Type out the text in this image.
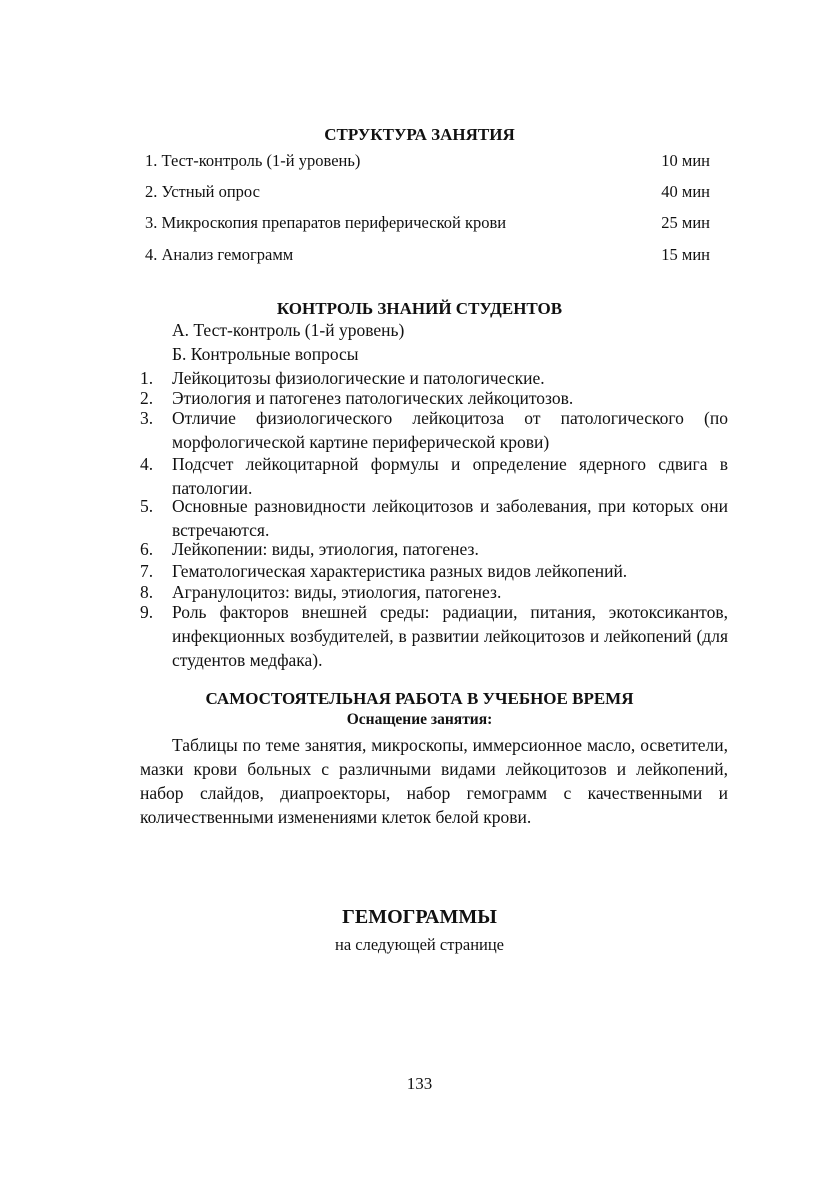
СТРУКТУРА ЗАНЯТИЯ
1. Тест-контроль (1-й уровень)	10 мин
2. Устный опрос	40 мин
3. Микроскопия препаратов периферической крови	25 мин
4. Анализ гемограмм	15 мин
КОНТРОЛЬ ЗНАНИЙ СТУДЕНТОВ

А. Тест-контроль (1-й уровень)

Б. Контрольные вопросы

1.	Лейкоцитозы физиологические и патологические.
2.	Этиология и патогенез патологических лейкоцитозов.
3.	Отличие физиологического лейкоцитоза от патологического (по морфологической картине периферической крови)
4.	Подсчет лейкоцитарной формулы и определение ядерного сдвига в патологии.
5.	Основные разновидности лейкоцитозов и заболевания, при которых они встречаются.
6.	Лейкопении: виды, этиология, патогенез.
7.	Гематологическая характеристика разных видов лейкопений.
8.	Агранулоцитоз: виды, этиология, патогенез.
9.	Роль факторов внешней среды: радиации, питания, экотоксикантов, инфекционных возбудителей, в развитии лейкоцитозов и лейкопений (для студентов медфака).
САМОСТОЯТЕЛЬНАЯ РАБОТА В УЧЕБНОЕ ВРЕМЯ
Оснащение занятия:

Таблицы по теме занятия, микроскопы, иммерсионное масло, осветители, мазки крови больных с различными видами лейкоцитозов и лейкопений, набор слайдов, диапроекторы, набор гемограмм с качественными и количественными изменениями клеток белой крови.

ГЕМОГРАММЫ

на следующей странице

133
